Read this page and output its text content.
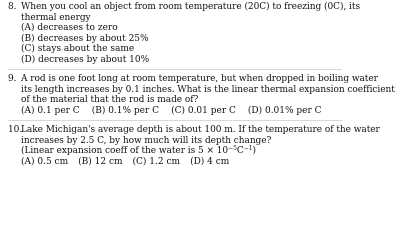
8. When you cool an object from room temperature (20C) to freezing (0C), its
thermal energy
(A) decreases to zero
(B) decreases by about 25%
(C) stays about the same
(D) decreases by about 10%
9. A rod is one foot long at room temperature, but when dropped in boiling water
its length increases by 0.1 inches. What is the linear thermal expansion coefficient
of the material that the rod is made of?
(A) 0.1 per C (B) 0.1% per C (C) 0.01 per C (D) 0.01% per C
10.Lake Michigan's average depth is about 100 m. If the temperature of the water
increases by 2.5 C, by how much will its depth change?
(Linear expansion coeff of the water is $5 \times 10^{-5}C^{-1}$)
(A) 0.5 cm (B) 12 cm (C) 1.2 cm (D) 4 cm
